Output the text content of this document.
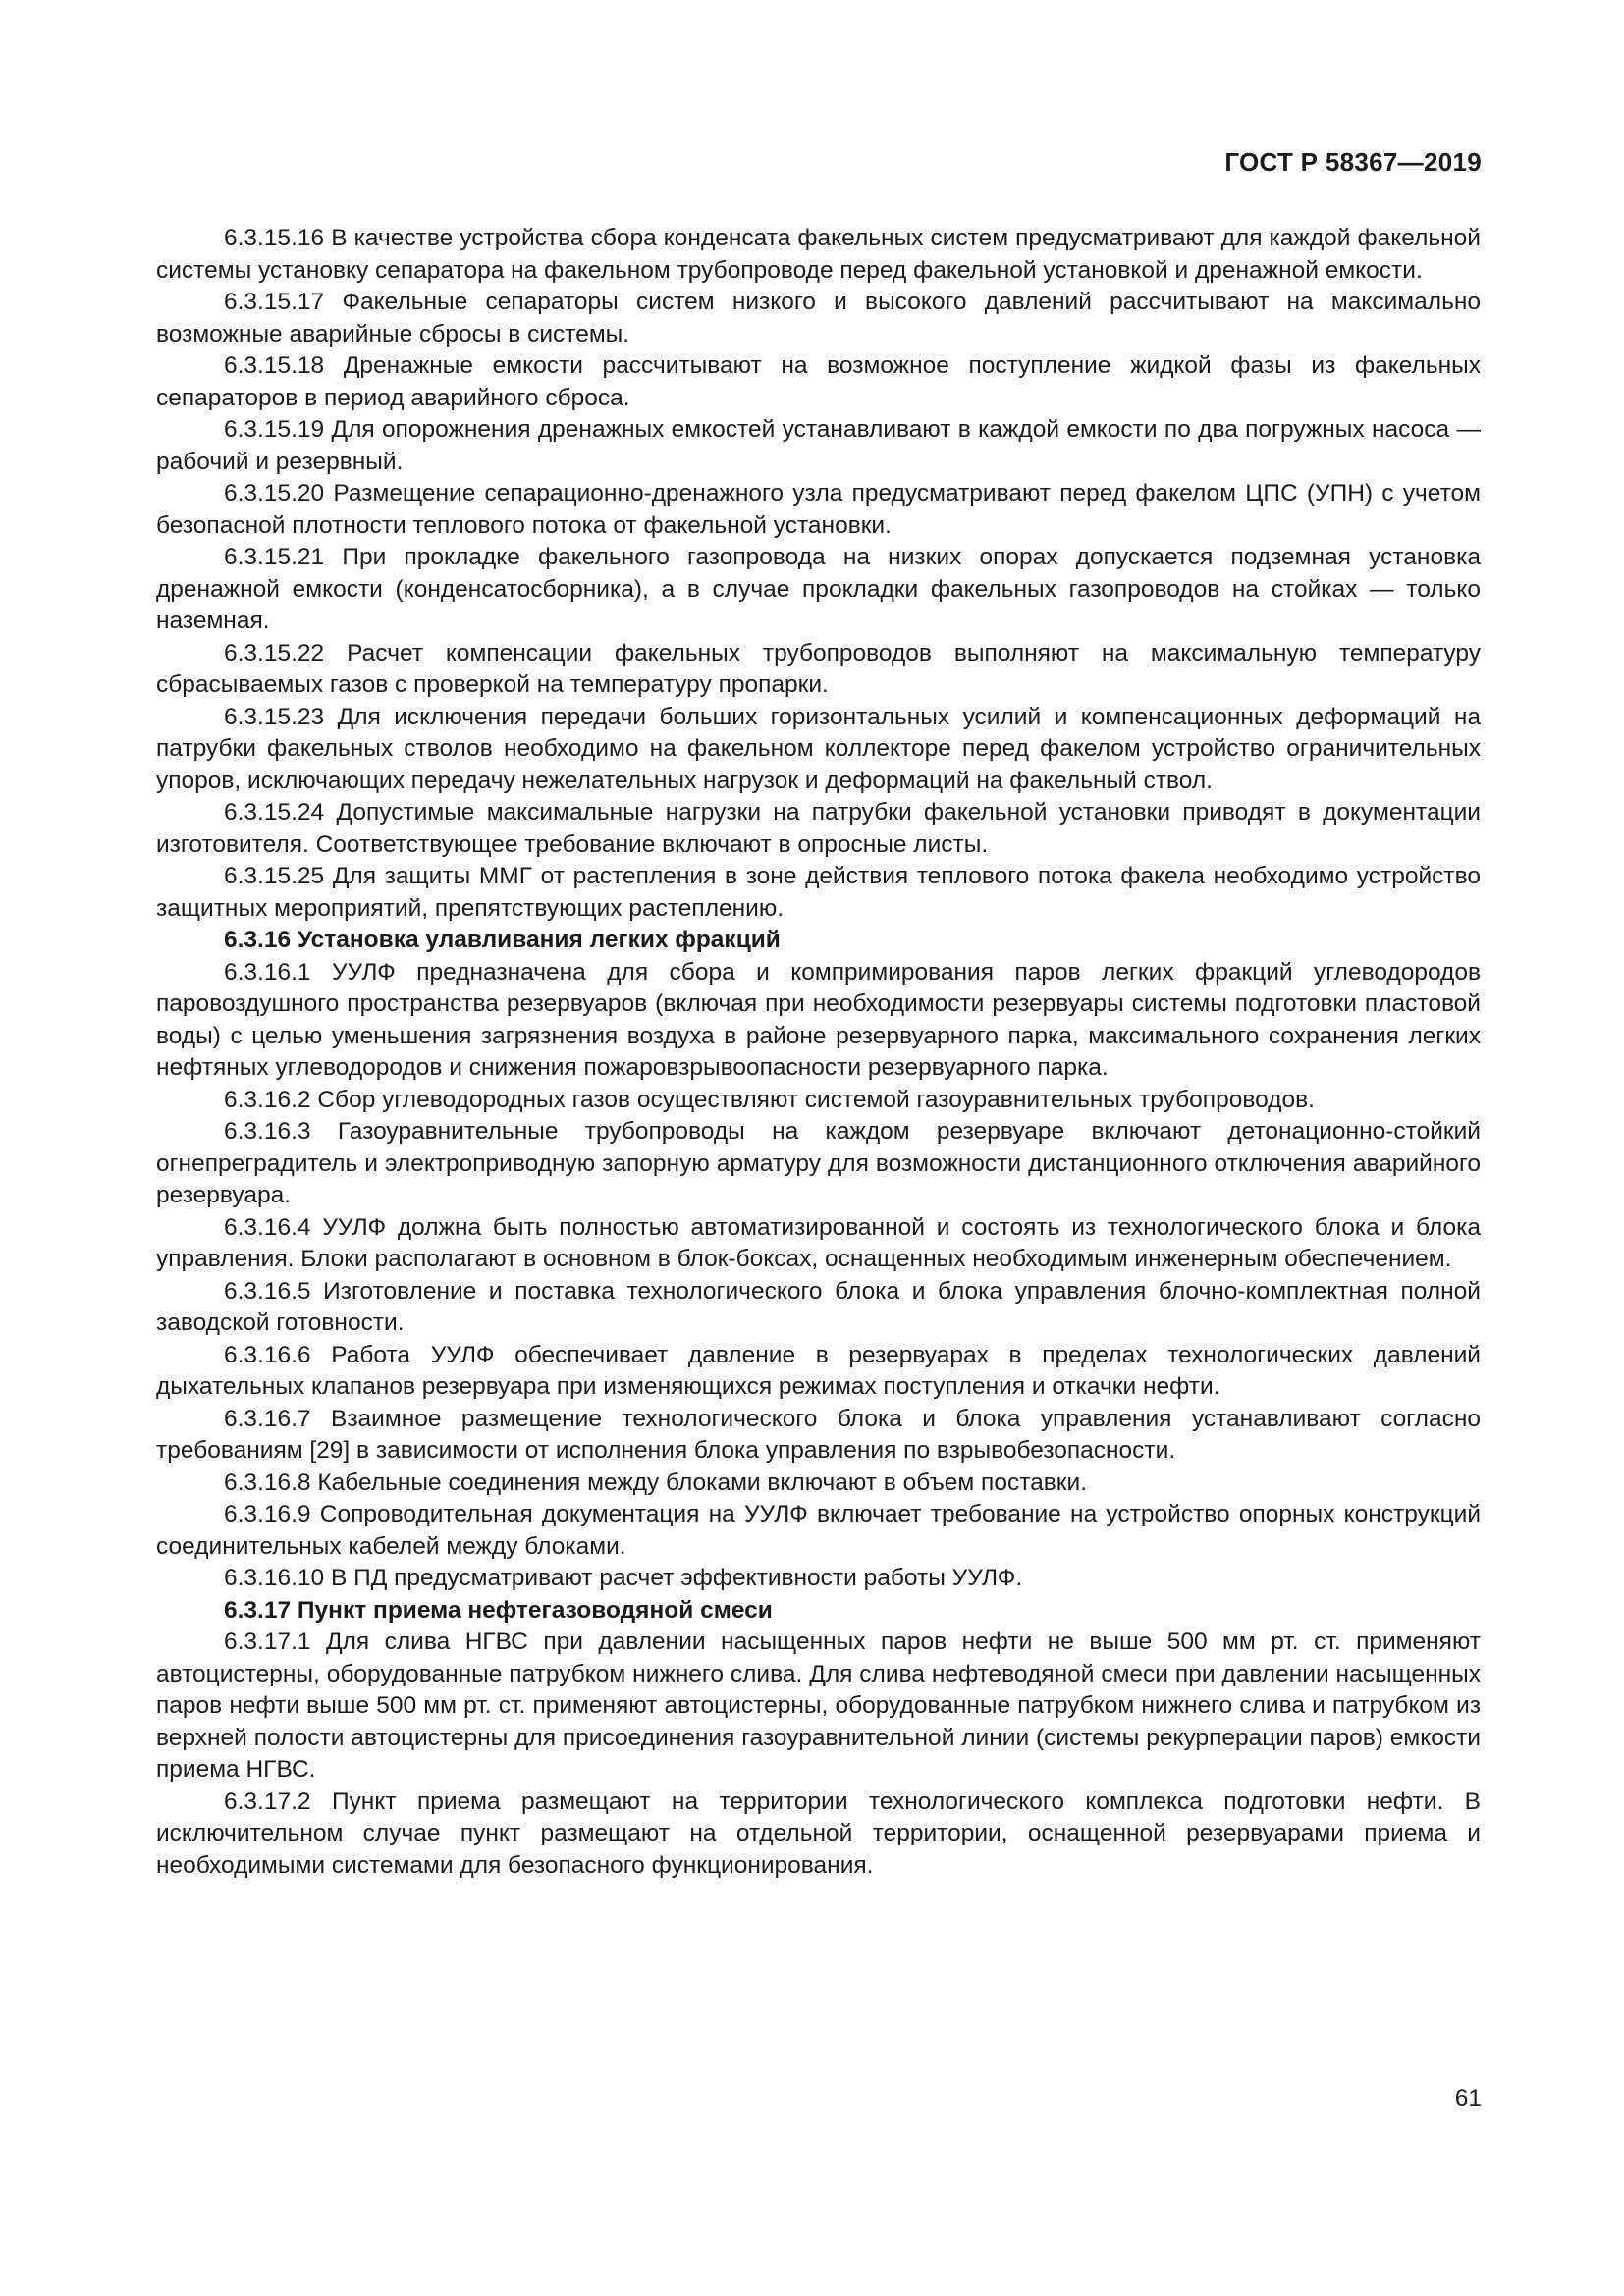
ГОСТ Р 58367—2019

6.3.15.16 В качестве устройства сбора конденсата факельных систем предусматривают для каждой факельной системы установку сепаратора на факельном трубопроводе перед факельной установкой и дренажной емкости.

6.3.15.17 Факельные сепараторы систем низкого и высокого давлений рассчитывают на максимально возможные аварийные сбросы в системы.

6.3.15.18 Дренажные емкости рассчитывают на возможное поступление жидкой фазы из факельных сепараторов в период аварийного сброса.

6.3.15.19 Для опорожнения дренажных емкостей устанавливают в каждой емкости по два погружных насоса — рабочий и резервный.

6.3.15.20 Размещение сепарационно-дренажного узла предусматривают перед факелом ЦПС (УПН) с учетом безопасной плотности теплового потока от факельной установки.

6.3.15.21 При прокладке факельного газопровода на низких опорах допускается подземная установка дренажной емкости (конденсатосборника), а в случае прокладки факельных газопроводов на стойках — только наземная.

6.3.15.22 Расчет компенсации факельных трубопроводов выполняют на максимальную температуру сбрасываемых газов с проверкой на температуру пропарки.

6.3.15.23 Для исключения передачи больших горизонтальных усилий и компенсационных деформаций на патрубки факельных стволов необходимо на факельном коллекторе перед факелом устройство ограничительных упоров, исключающих передачу нежелательных нагрузок и деформаций на факельный ствол.

6.3.15.24 Допустимые максимальные нагрузки на патрубки факельной установки приводят в документации изготовителя. Соответствующее требование включают в опросные листы.

6.3.15.25 Для защиты ММГ от растепления в зоне действия теплового потока факела необходимо устройство защитных мероприятий, препятствующих растеплению.

6.3.16 Установка улавливания легких фракций

6.3.16.1 УУЛФ предназначена для сбора и компримирования паров легких фракций углеводородов паровоздушного пространства резервуаров (включая при необходимости резервуары системы подготовки пластовой воды) с целью уменьшения загрязнения воздуха в районе резервуарного парка, максимального сохранения легких нефтяных углеводородов и снижения пожаровзрывоопасности резервуарного парка.

6.3.16.2 Сбор углеводородных газов осуществляют системой газоуравнительных трубопроводов.

6.3.16.3 Газоуравнительные трубопроводы на каждом резервуаре включают детонационно-стойкий огнепреградитель и электроприводную запорную арматуру для возможности дистанционного отключения аварийного резервуара.

6.3.16.4 УУЛФ должна быть полностью автоматизированной и состоять из технологического блока и блока управления. Блоки располагают в основном в блок-боксах, оснащенных необходимым инженерным обеспечением.

6.3.16.5 Изготовление и поставка технологического блока и блока управления блочно-комплектная полной заводской готовности.

6.3.16.6 Работа УУЛФ обеспечивает давление в резервуарах в пределах технологических давлений дыхательных клапанов резервуара при изменяющихся режимах поступления и откачки нефти.

6.3.16.7 Взаимное размещение технологического блока и блока управления устанавливают согласно требованиям [29] в зависимости от исполнения блока управления по взрывобезопасности.

6.3.16.8 Кабельные соединения между блоками включают в объем поставки.

6.3.16.9 Сопроводительная документация на УУЛФ включает требование на устройство опорных конструкций соединительных кабелей между блоками.

6.3.16.10 В ПД предусматривают расчет эффективности работы УУЛФ.

6.3.17 Пункт приема нефтегазоводяной смеси

6.3.17.1 Для слива НГВС при давлении насыщенных паров нефти не выше 500 мм рт. ст. применяют автоцистерны, оборудованные патрубком нижнего слива. Для слива нефтеводяной смеси при давлении насыщенных паров нефти выше 500 мм рт. ст. применяют автоцистерны, оборудованные патрубком нижнего слива и патрубком из верхней полости автоцистерны для присоединения газоуравнительной линии (системы рекурперации паров) емкости приема НГВС.

6.3.17.2 Пункт приема размещают на территории технологического комплекса подготовки нефти. В исключительном случае пункт размещают на отдельной территории, оснащенной резервуарами приема и необходимыми системами для безопасного функционирования.

61
